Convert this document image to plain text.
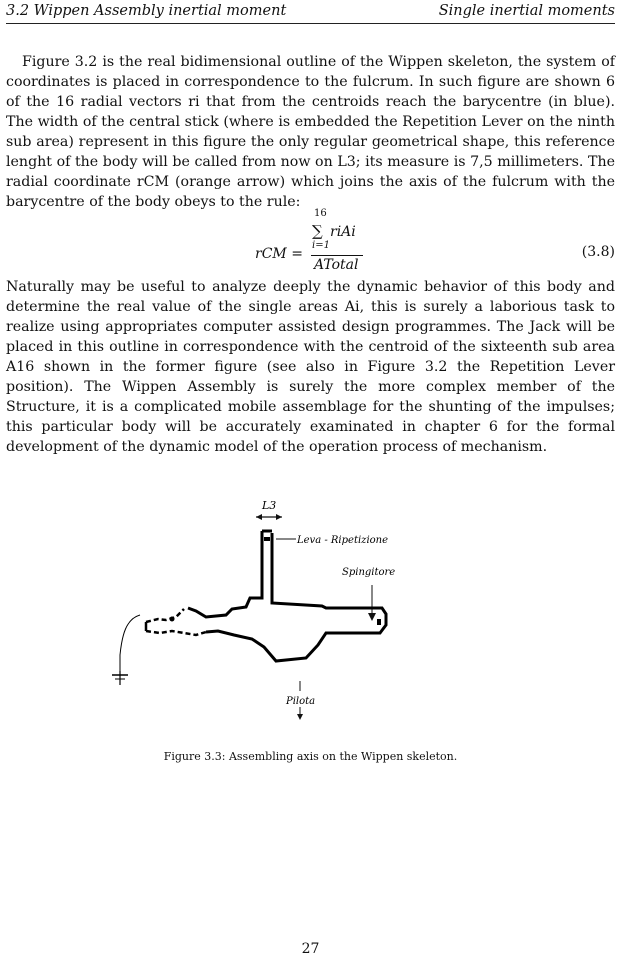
3.2 Wippen Assembly inertial moment	Single inertial moments

Figure 3.2 is the real bidimensional outline of the Wippen skeleton, the system of coordinates is placed in correspondence to the fulcrum. In such figure are shown 6 of the 16 radial vectors ri that from the centroids reach the barycentre (in blue). The width of the central stick (where is embedded the Repetition Lever on the ninth sub area) represent in this figure the only regular geometrical shape, this reference lenght of the body will be called from now on L3; its measure is 7,5 millimeters. The radial coordinate rCM (orange arrow) which joins the axis of the fulcrum with the barycentre of the body obeys to the rule:

rCM =
16
∑
i=1
riAi
ATotal
(3.8)

Naturally may be useful to analyze deeply the dynamic behavior of this body and determine the real value of the single areas Ai, this is surely a laborious task to realize using appropriates computer assisted design programmes. The Jack will be placed in this outline in correspondence with the centroid of the sixteenth sub area A16 shown in the former figure (see also in Figure 3.2 the Repetition Lever position). The Wippen Assembly is surely the more complex member of the Structure, it is a complicated mobile assemblage for the shunting of the impulses; this particular body will be accurately examinated in chapter 6 for the formal development of the dynamic model of the operation process of mechanism.

L3
Leva - Ripetizione
Spingitore
Pilota
Figure 3.3: Assembling axis on the Wippen skeleton.
27
